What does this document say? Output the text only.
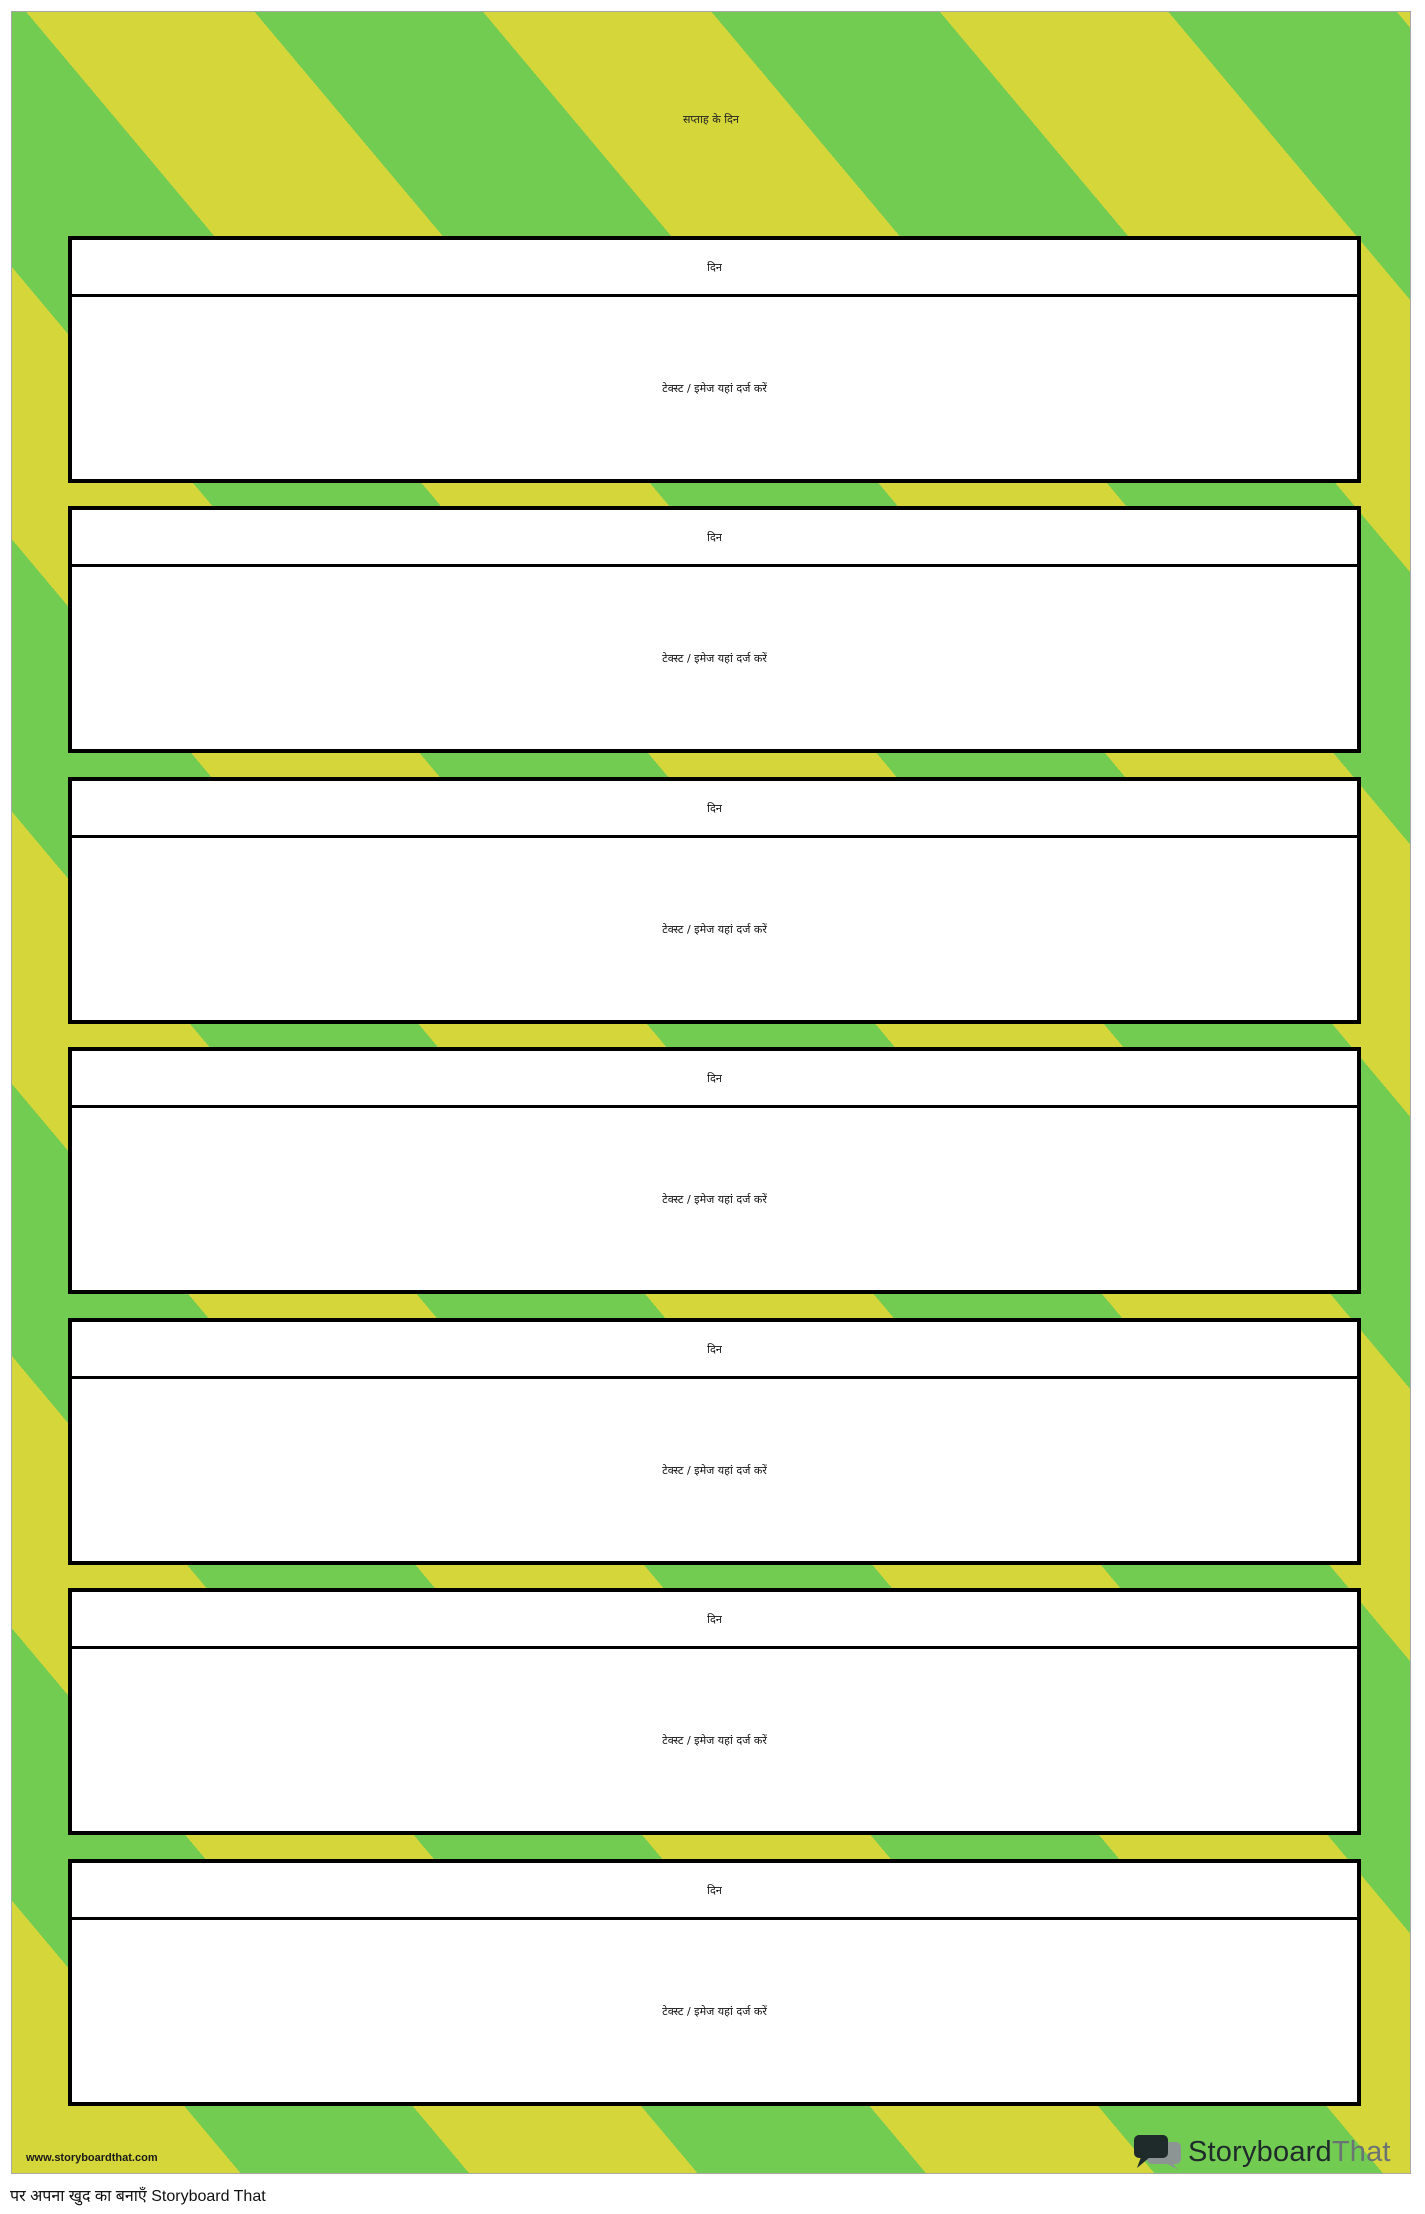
सप्ताह के दिन
दिन
टेक्स्ट / इमेज यहां दर्ज करें
दिन
टेक्स्ट / इमेज यहां दर्ज करें
दिन
टेक्स्ट / इमेज यहां दर्ज करें
दिन
टेक्स्ट / इमेज यहां दर्ज करें
दिन
टेक्स्ट / इमेज यहां दर्ज करें
दिन
टेक्स्ट / इमेज यहां दर्ज करें
दिन
टेक्स्ट / इमेज यहां दर्ज करें
www.storyboardthat.com	StoryboardThat
पर अपना खुद का बनाएँ Storyboard That
